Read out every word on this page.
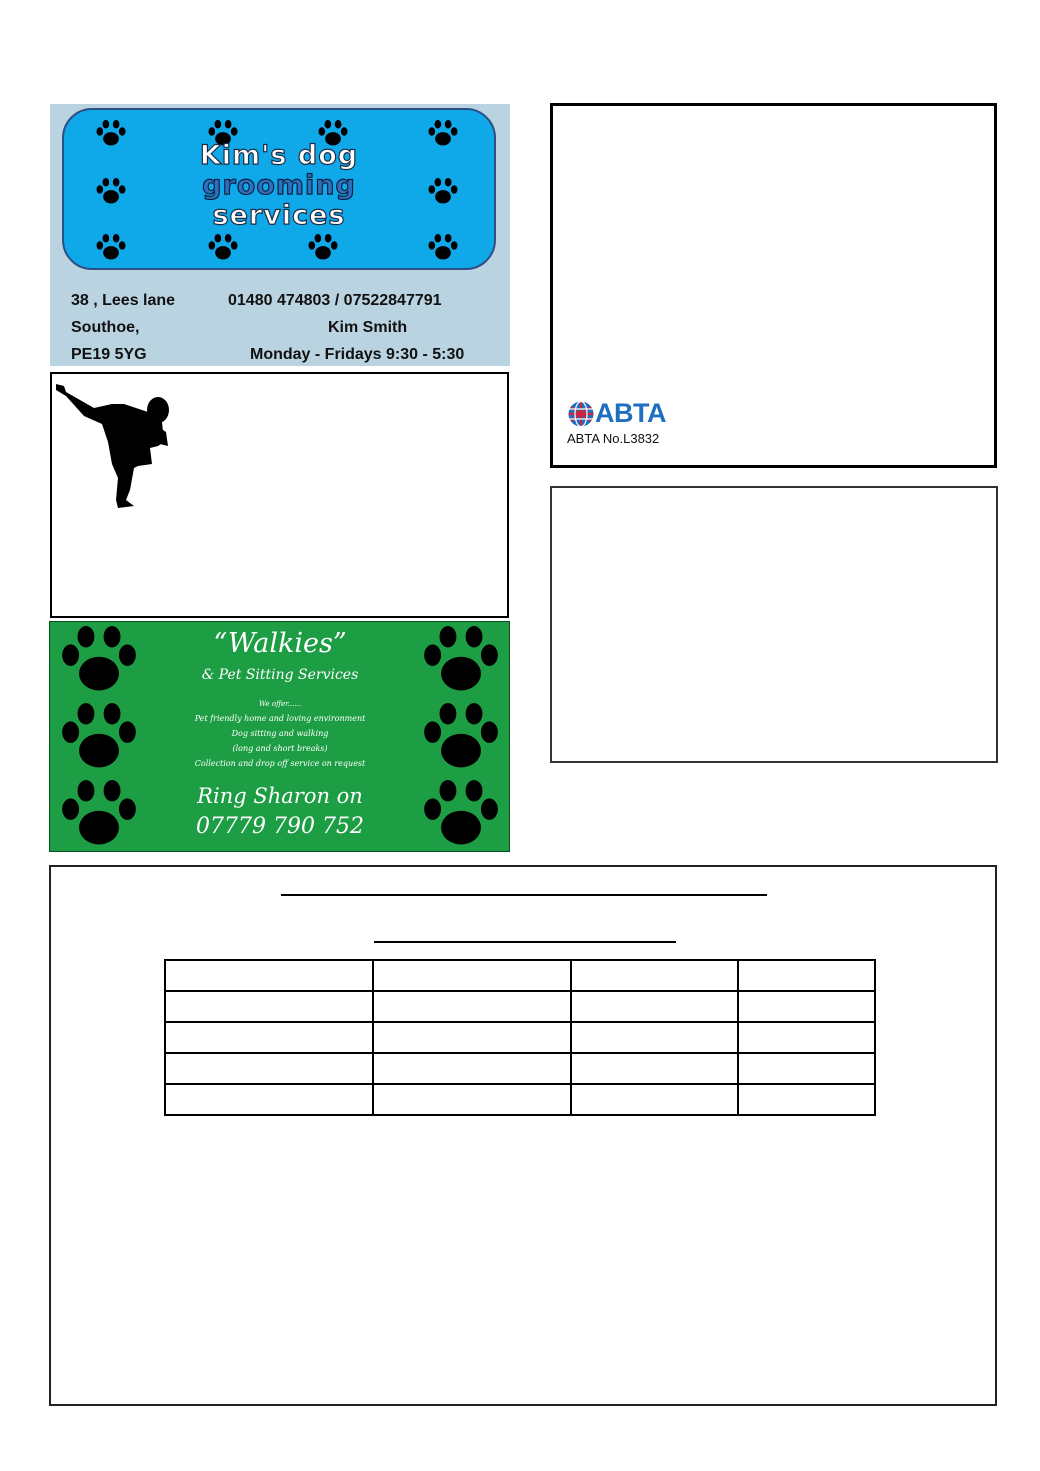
Kim's dog
grooming
services
38 , Lees lane
Southoe,
PE19 5YG
01480 474803 / 07522847791
Kim Smith
Monday - Fridays 9:30 - 5:30
“Walkies”
& Pet Sitting Services
We offer......
Pet friendly home and loving environment
Dog sitting and walking
(long and short breaks)
Collection and drop off service on request
Ring Sharon on
07779 790 752
ABTA
ABTA No.L3832
